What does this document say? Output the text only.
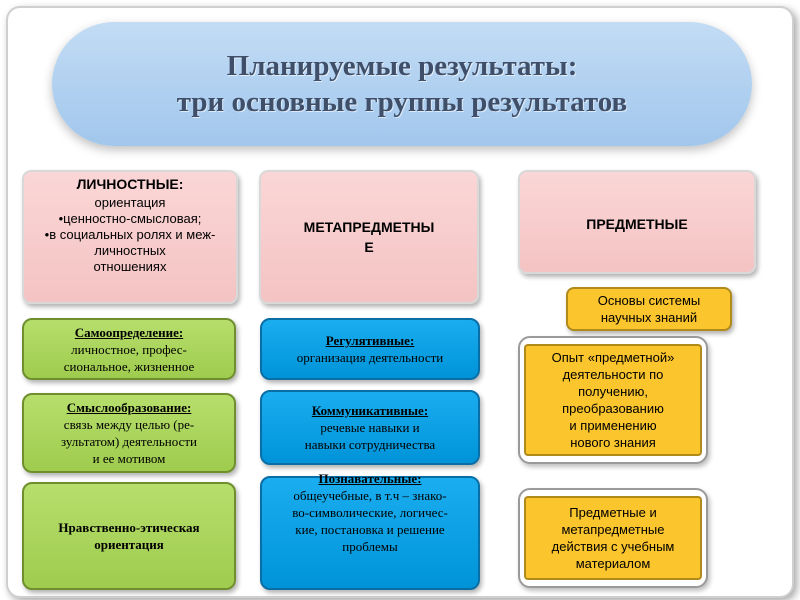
Планируемые результаты:
три основные группы результатов
ЛИЧНОСТНЫЕ:
ориентация
•ценностно-смысловая;
•в социальных ролях и меж-
личностных
отношениях
МЕТАПРЕДМЕТНЫ
Е
ПРЕДМЕТНЫЕ
Самоопределение:
личностное, профес-
сиональное, жизненное
Смыслообразование:
связь между целью (ре-
зультатом) деятельности
и ее мотивом
Нравственно-этическая
ориентация
Регулятивные:
организация деятельности
Коммуникативные:
речевые навыки и
навыки сотрудничества
Познавательные:
общеучебные, в т.ч – знако-
во-символические, логичес-
кие, постановка и решение
проблемы
Основы системы
научных знаний
Опыт «предметной»
деятельности по
получению,
преобразованию
и применению
нового знания
Предметные и
метапредметные
действия с учебным
материалом
